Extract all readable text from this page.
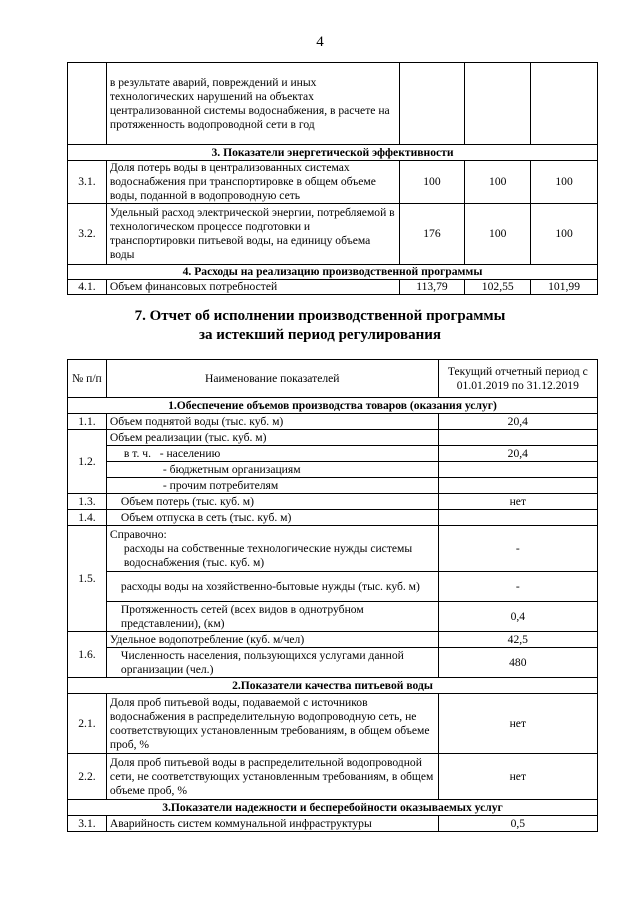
4
	в результате аварий, повреждений и иных технологических нарушений на объектах централизованной системы водоснабжения, в расчете на протяженность водопроводной сети в год			
3. Показатели энергетической эффективности				
3.1.	Доля потерь воды в централизованных системах водоснабжения при транспортировке в общем объеме воды, поданной в водопроводную сеть	100	100	100
3.2.	Удельный расход электрической энергии, потребляемой в технологическом процессе подготовки и транспортировки питьевой воды, на единицу объема воды	176	100	100
4. Расходы на реализацию производственной программы				
4.1.	Объем финансовых потребностей	113,79	102,55	101,99
7. Отчет об исполнении производственной программы
за истекший период регулирования
№ п/п	Наименование показателей	Текущий отчетный период с 01.01.2019 по 31.12.2019
1.Обеспечение объемов производства товаров (оказания услуг)		
1.1.	Объем поднятой воды (тыс. куб. м)	20,4
1.2.	Объем реализации (тыс. куб. м)	
	в т. ч. - населению	20,4
	- бюджетным организациям	
	- прочим потребителям	
1.3.	Объем потерь (тыс. куб. м)	нет
1.4.	Объем отпуска в сеть (тыс. куб. м)	
1.5.	Справочно:
расходы на собственные технологические нужды системы водоснабжения (тыс. куб. м)	-
	расходы воды на хозяйственно-бытовые нужды (тыс. куб. м)	-
	Протяженность сетей (всех видов в однотрубном представлении), (км)	0,4
1.6.	Удельное водопотребление (куб. м/чел)	42,5
	Численность населения, пользующихся услугами данной организации (чел.)	480
2.Показатели качества питьевой воды		
2.1.	Доля проб питьевой воды, подаваемой с источников водоснабжения в распределительную водопроводную сеть, не соответствующих установленным требованиям, в общем объеме проб, %	нет
2.2.	Доля проб питьевой воды в распределительной водопроводной сети, не соответствующих установленным требованиям, в общем объеме проб, %	нет
3.Показатели надежности и бесперебойности оказываемых услуг		
3.1.	Аварийность систем коммунальной инфраструктуры	0,5
